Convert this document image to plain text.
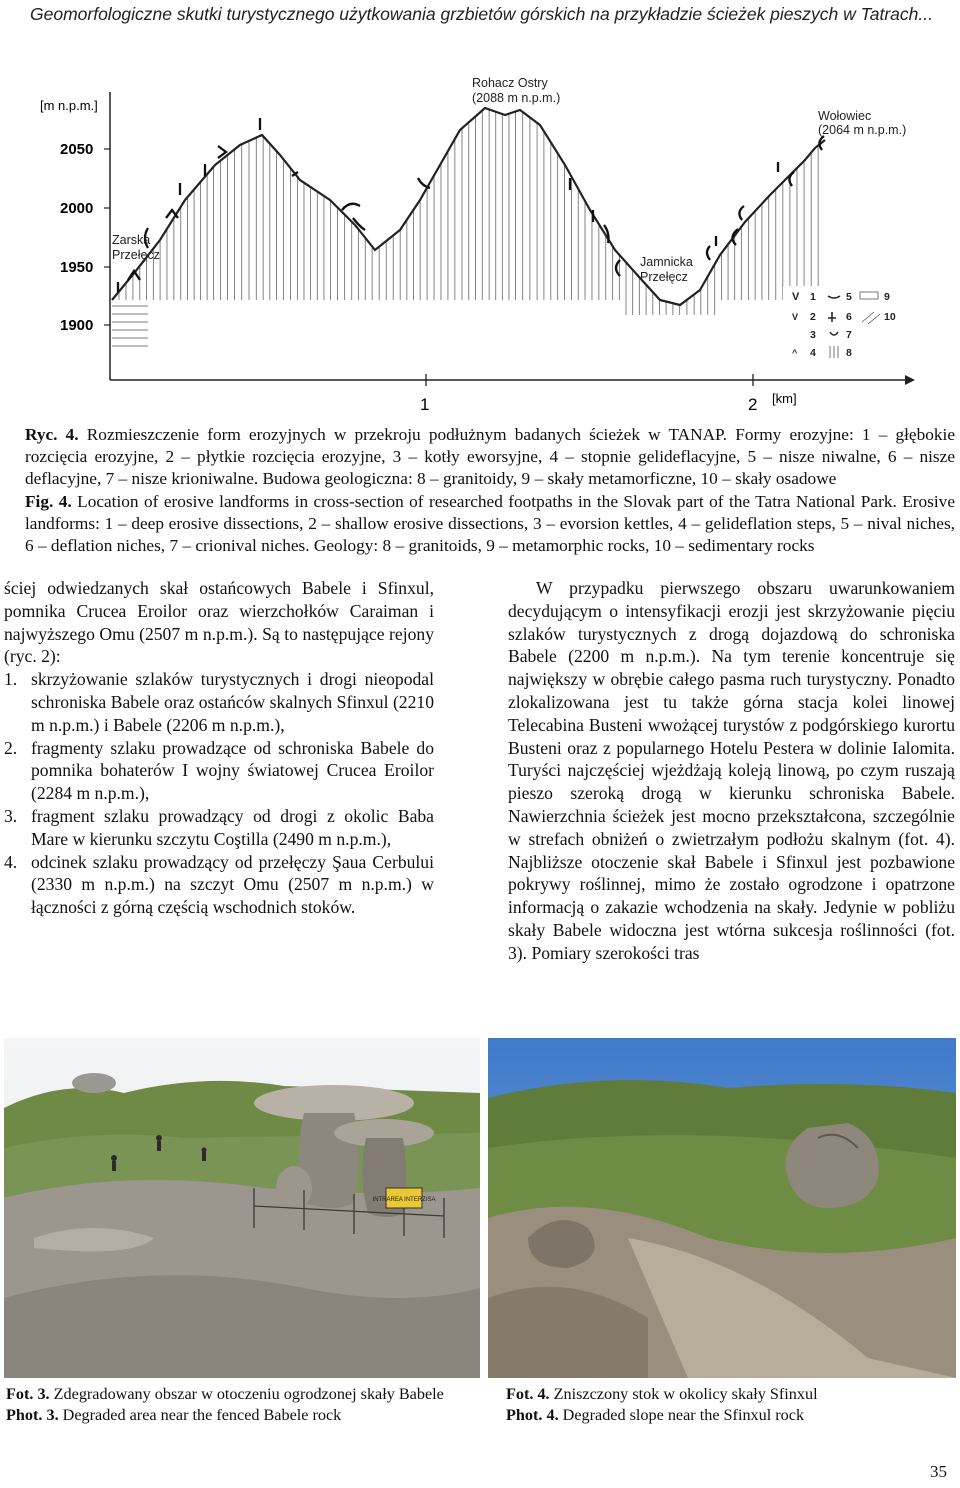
Geomorfologiczne skutki turystycznego użytkowania grzbietów górskich na przykładzie ścieżek pieszych w Tatrach...
[m n.p.m.]
2050
2000
1950
1900
1	2 [km]
Rohacz Ostry
(2088 m n.p.m.)
Wołowiec
(2064 m n.p.m.)
Zarska
Przełęcz	Jamnicka
Przełęcz
V 1	5	9
V 2	6	10
3	7
^ 4	8

Ryc. 4. Rozmieszczenie form erozyjnych w przekroju podłużnym badanych ścieżek w TANAP. Formy erozyjne: 1 – głębokie rozcięcia erozyjne, 2 – płytkie rozcięcia erozyjne, 3 – kotły eworsyjne, 4 – stopnie gelideflacyjne, 5 – nisze niwalne, 6 – nisze deflacyjne, 7 – nisze krioniwalne. Budowa geologiczna: 8 – granitoidy, 9 – skały metamorficzne, 10 – skały osadowe

Fig. 4. Location of erosive landforms in cross-section of researched footpaths in the Slovak part of the Tatra National Park. Erosive landforms: 1 – deep erosive dissections, 2 – shallow erosive dissections, 3 – evorsion kettles, 4 – gelideflation steps, 5 – nival niches, 6 – deflation niches, 7 – crionival niches. Geology: 8 – granitoids, 9 – metamorphic rocks, 10 – sedimentary rocks

ściej odwiedzanych skał ostańcowych Babele i Sfinxul, pomnika Crucea Eroilor oraz wierzchołków Caraiman i najwyższego Omu (2507 m n.p.m.). Są to następujące rejony (ryc. 2):

1. skrzyżowanie szlaków turystycznych i drogi nieopodal schroniska Babele oraz ostańców skalnych Sfinxul (2210 m n.p.m.) i Babele (2206 m n.p.m.),
2. fragmenty szlaku prowadzące od schroniska Babele do pomnika bohaterów I wojny światowej Crucea Eroilor (2284 m n.p.m.),
3. fragment szlaku prowadzący od drogi z okolic Baba Mare w kierunku szczytu Coştilla (2490 m n.p.m.),
4. odcinek szlaku prowadzący od przełęczy Şaua Cerbului (2330 m n.p.m.) na szczyt Omu (2507 m n.p.m.) w łączności z górną częścią wschodnich stoków.
W przypadku pierwszego obszaru uwarunkowaniem decydującym o intensyfikacji erozji jest skrzyżowanie pięciu szlaków turystycznych z drogą dojazdową do schroniska Babele (2200 m n.p.m.). Na tym terenie koncentruje się największy w obrębie całego pasma ruch turystyczny. Ponadto zlokalizowana jest tu także górna stacja kolei linowej Telecabina Busteni wwożącej turystów z podgórskiego kurortu Busteni oraz z popularnego Hotelu Pestera w dolinie Ialomita. Turyści najczęściej wjeżdżają koleją linową, po czym ruszają pieszo szeroką drogą w kierunku schroniska Babele. Nawierzchnia ścieżek jest mocno przekształcona, szczególnie w strefach obniżeń o zwietrzałym podłożu skalnym (fot. 4). Najbliższe otoczenie skał Babele i Sfinxul jest pozbawione pokrywy roślinnej, mimo że zostało ogrodzone i opatrzone informacją o zakazie wchodzenia na skały. Jedynie w pobliżu skały Babele widoczna jest wtórna sukcesja roślinności (fot. 3). Pomiary szerokości tras
INTRAREA INTERZISA
Fot. 3. Zdegradowany obszar w otoczeniu ogrodzonej skały Babele
Phot. 3. Degraded area near the fenced Babele rock
Fot. 4. Zniszczony stok w okolicy skały Sfinxul
Phot. 4. Degraded slope near the Sfinxul rock
35
